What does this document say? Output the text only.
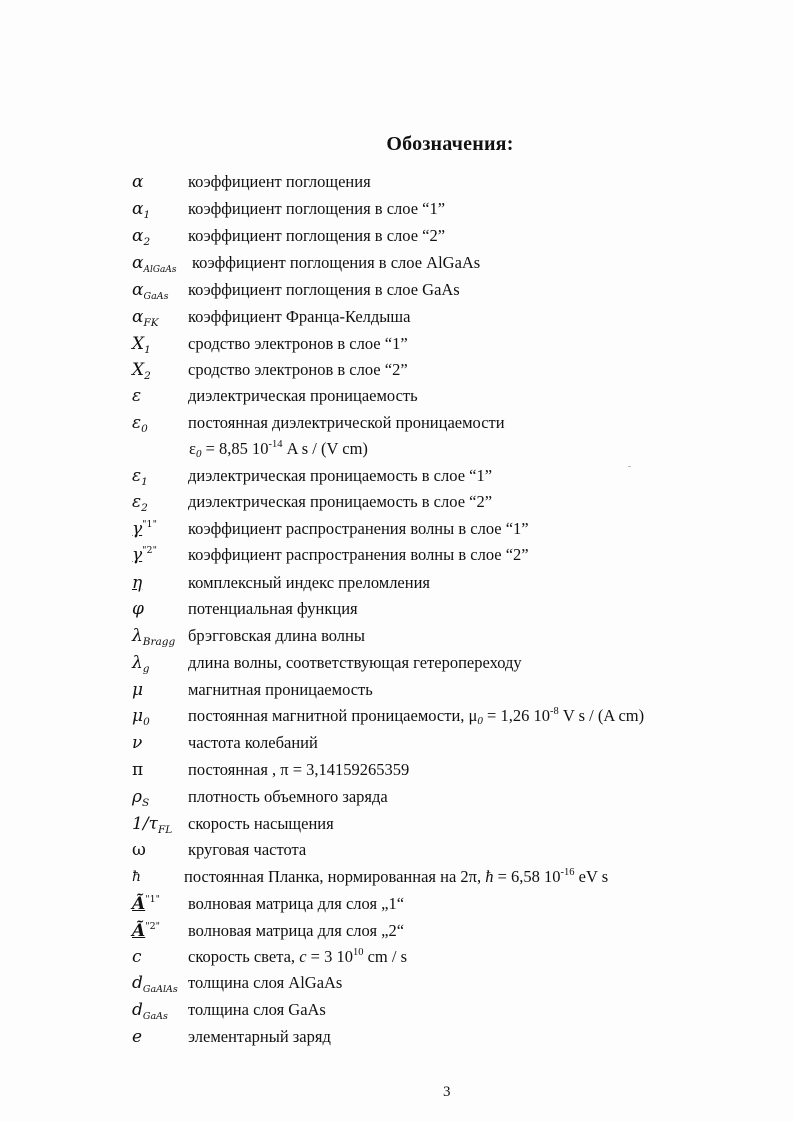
Обозначения:
α	коэффициент поглощения
$\alpha_1$	коэффициент поглощения в слое “1”
$\alpha_2$	коэффициент поглощения в слое “2”
$\alpha_{AlGaAs}$ коэффициент поглощения в слое AlGaAs
$\alpha_{GaAs}$	коэффициент поглощения в слое GaAs
$\alpha_{FK}$	коэффициент Франца-Келдыша
$X_1$	сродство электронов в слое “1”
$X_2$	сродство электронов в слое “2”
ε	диэлектрическая проницаемость
$\varepsilon_0$	постоянная диэлектрической проницаемости
ε0 = 8,85 $10^{-14}$ A s / (V cm)
$\varepsilon_1$	диэлектрическая проницаемость в слое “1”
$\varepsilon_2$	диэлектрическая проницаемость в слое “2”
$\gamma^{"1"}$	коэффициент распространения волны в слое “1”
$\gamma^{"2"}$	коэффициент распространения волны в слое “2”
η	комплексный индекс преломления
φ	потенциальная функция
$\lambda_{Bragg}$ брэгговская длина волны
$\lambda_g$	длина волны, соответствующая гетеропереходу
μ	магнитная проницаемость
$\mu_0$	постоянная магнитной проницаемости, μ0 = 1,26 $10^{-8}$ V s / (A cm)
ν	частота колебаний
π	постоянная , π = 3,14159265359
$\rho_S$	плотность объемного заряда
$1/\tau_{FL}$ скорость насыщения
ω	круговая частота
ħ	постоянная Планка, нормированная на 2π, ħ = 6,58 $10^{-16}$ eV s
$Ã^{"1"}$	волновая матрица для слоя „1“
$Ã^{"2"}$	волновая матрица для слоя „2“
c	скорость света, c = 3 $10^{10}$ cm / s
$d_{GaAlAs}$ толщина слоя AlGaAs
$d_{GaAs}$	толщина слоя GaAs
e	элементарный заряд
3
